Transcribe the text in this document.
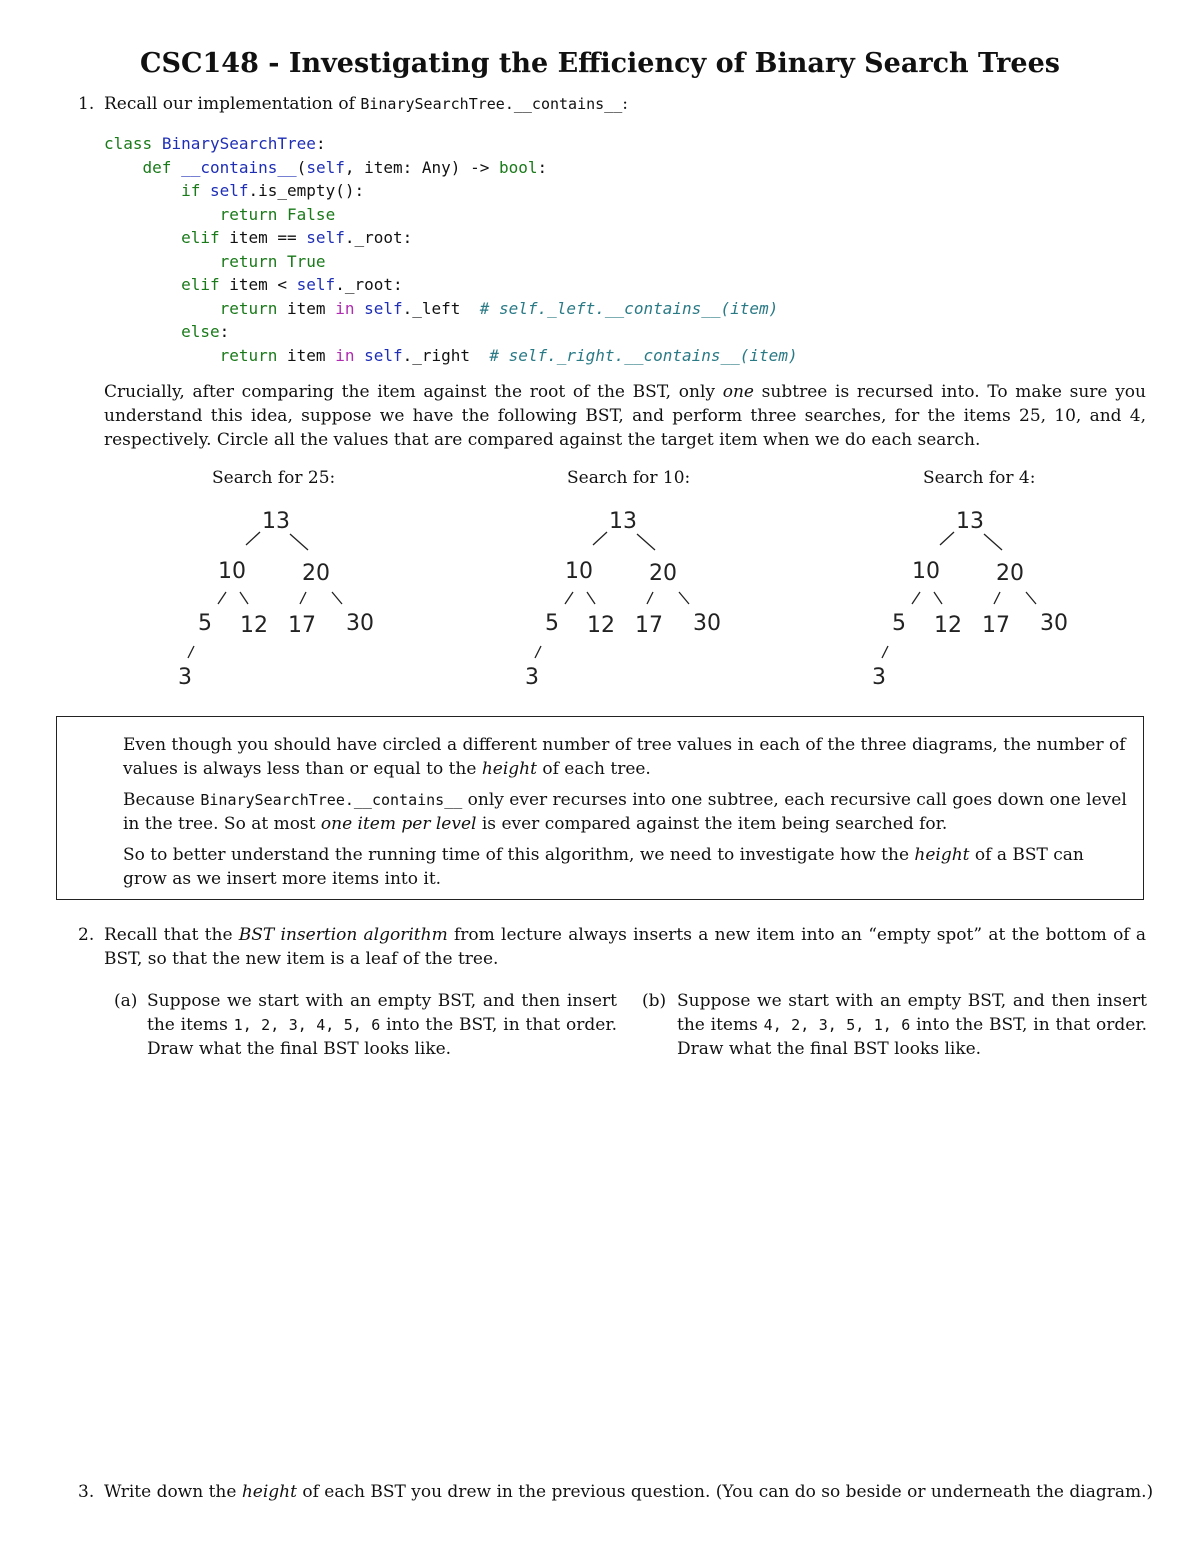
CSC148 - Investigating the Efficiency of Binary Search Trees
1. Recall our implementation of BinarySearchTree.__contains__:
class BinarySearchTree:
def __contains__(self, item: Any) -> bool:
if self.is_empty():
return False
elif item == self._root:
return True
elif item < self._root:
return item in self._left # self._left.__contains__(item)
else:
return item in self._right # self._right.__contains__(item)
Crucially, after comparing the item against the root of the BST, only one subtree is recursed into. To make sure you understand this idea, suppose we have the following BST, and perform three searches, for the items 25, 10, and 4, respectively. Circle all the values that are compared against the target item when we do each search.
Search for 25:	Search for 10:	Search for 4:
13
10	20
5 12 17 30
3
13
10	20
5 12 17 30
3
13
10	20
5 12 17 30
3

Even though you should have circled a different number of tree values in each of the three diagrams, the number of values is always less than or equal to the height of each tree.

Because BinarySearchTree.__contains__ only ever recurses into one subtree, each recursive call goes down one level in the tree. So at most one item per level is ever compared against the item being searched for.

So to better understand the running time of this algorithm, we need to investigate how the height of a BST can grow as we insert more items into it.

2. Recall that the BST insertion algorithm from lecture always inserts a new item into an “empty spot” at the bottom of a BST, so that the new item is a leaf of the tree.
(a) Suppose we start with an empty BST, and then insert the items 1, 2, 3, 4, 5, 6 into the BST, in that order. Draw what the final BST looks like.
(b) Suppose we start with an empty BST, and then insert the items 4, 2, 3, 5, 1, 6 into the BST, in that order. Draw what the final BST looks like.
3. Write down the height of each BST you drew in the previous question. (You can do so beside or underneath the diagram.)
